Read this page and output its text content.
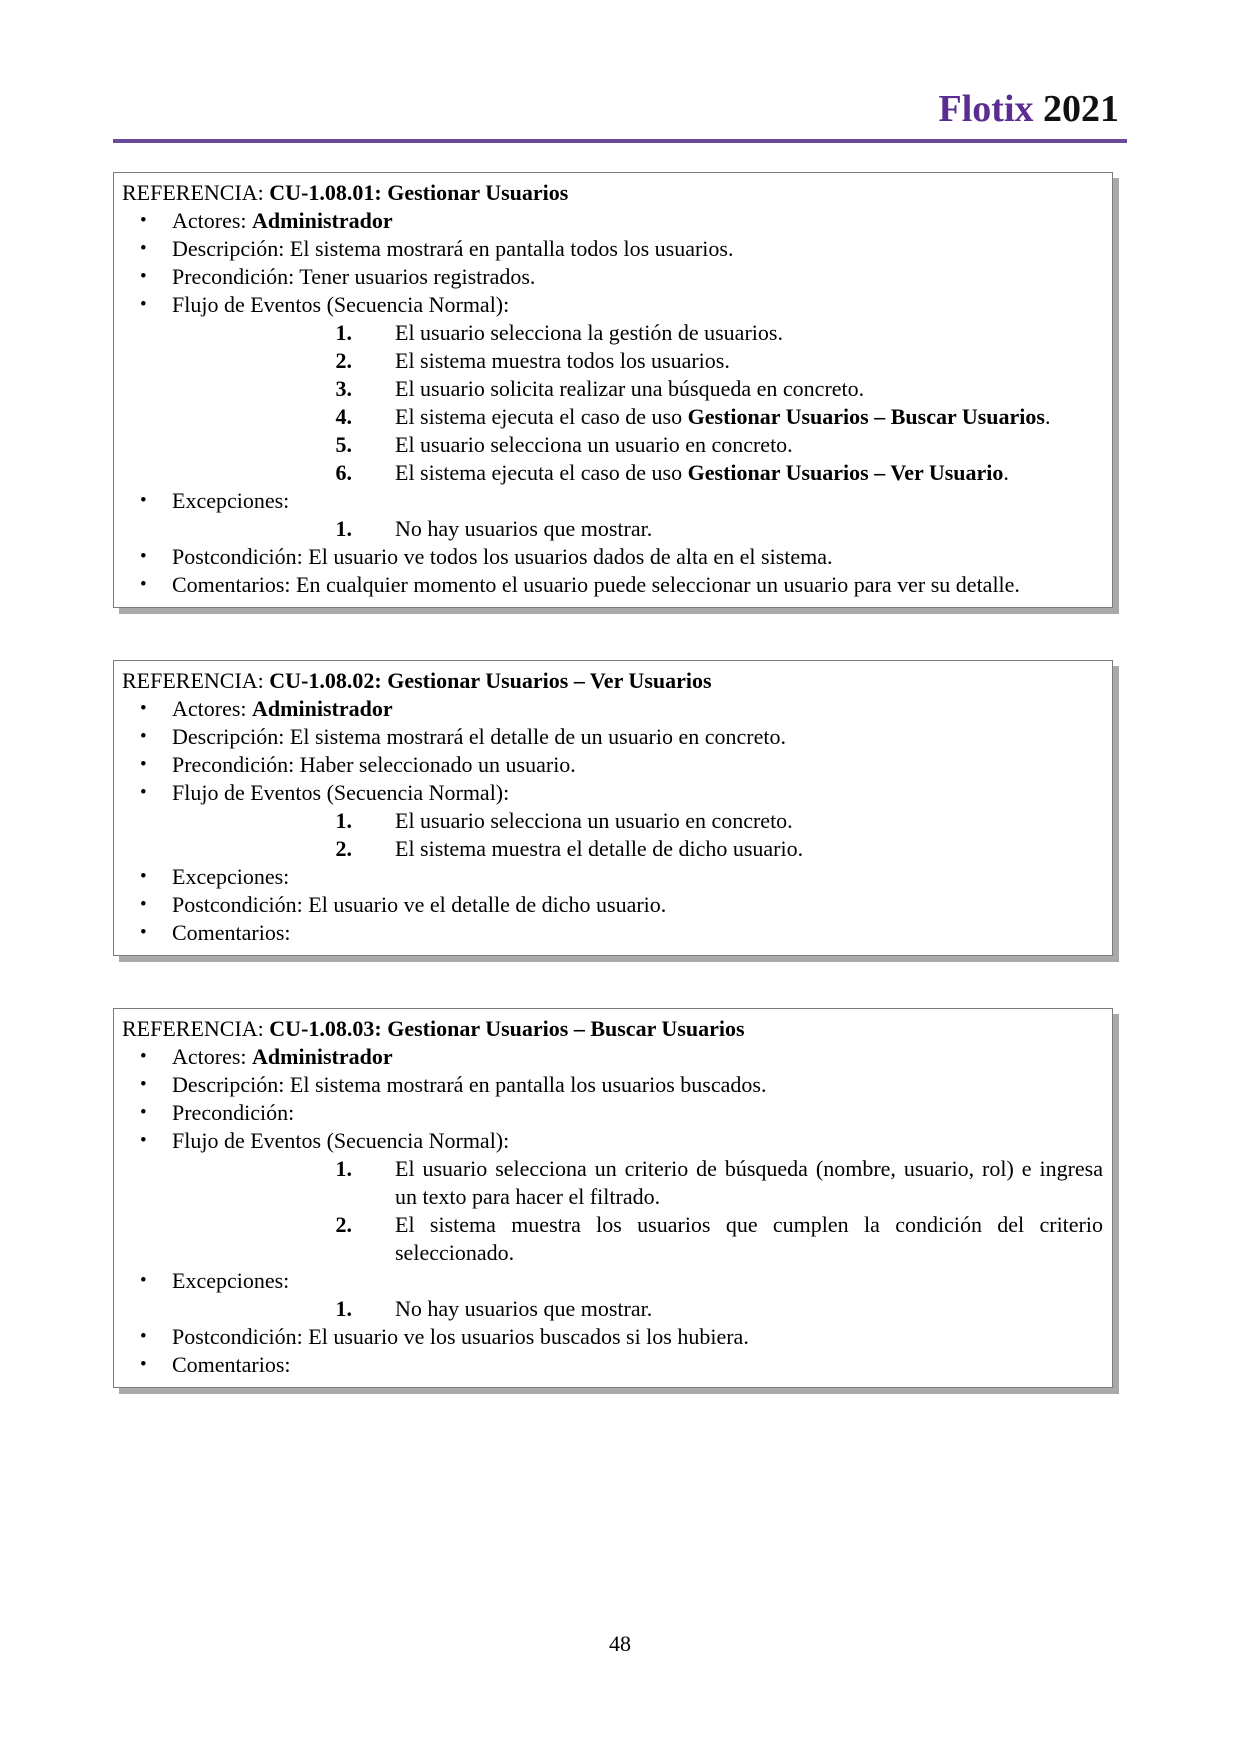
Flotix 2021
REFERENCIA: CU-1.08.01: Gestionar Usuarios
• Actores: Administrador
• Descripción: El sistema mostrará en pantalla todos los usuarios.
• Precondición: Tener usuarios registrados.
• Flujo de Eventos (Secuencia Normal):
1. El usuario selecciona la gestión de usuarios.
2. El sistema muestra todos los usuarios.
3. El usuario solicita realizar una búsqueda en concreto.
4. El sistema ejecuta el caso de uso Gestionar Usuarios – Buscar Usuarios.
5. El usuario selecciona un usuario en concreto.
6. El sistema ejecuta el caso de uso Gestionar Usuarios – Ver Usuario.
• Excepciones:
1. No hay usuarios que mostrar.
• Postcondición: El usuario ve todos los usuarios dados de alta en el sistema.
• Comentarios: En cualquier momento el usuario puede seleccionar un usuario para ver su detalle.
REFERENCIA: CU-1.08.02: Gestionar Usuarios – Ver Usuarios
• Actores: Administrador
• Descripción: El sistema mostrará el detalle de un usuario en concreto.
• Precondición: Haber seleccionado un usuario.
• Flujo de Eventos (Secuencia Normal):
1. El usuario selecciona un usuario en concreto.
2. El sistema muestra el detalle de dicho usuario.
• Excepciones:
• Postcondición: El usuario ve el detalle de dicho usuario.
• Comentarios:
REFERENCIA: CU-1.08.03: Gestionar Usuarios – Buscar Usuarios
• Actores: Administrador
• Descripción: El sistema mostrará en pantalla los usuarios buscados.
• Precondición:
• Flujo de Eventos (Secuencia Normal):
1. El usuario selecciona un criterio de búsqueda (nombre, usuario, rol) e ingresa un texto para hacer el filtrado.
2. El sistema muestra los usuarios que cumplen la condición del criterio seleccionado.
• Excepciones:
1. No hay usuarios que mostrar.
• Postcondición: El usuario ve los usuarios buscados si los hubiera.
• Comentarios:
48
